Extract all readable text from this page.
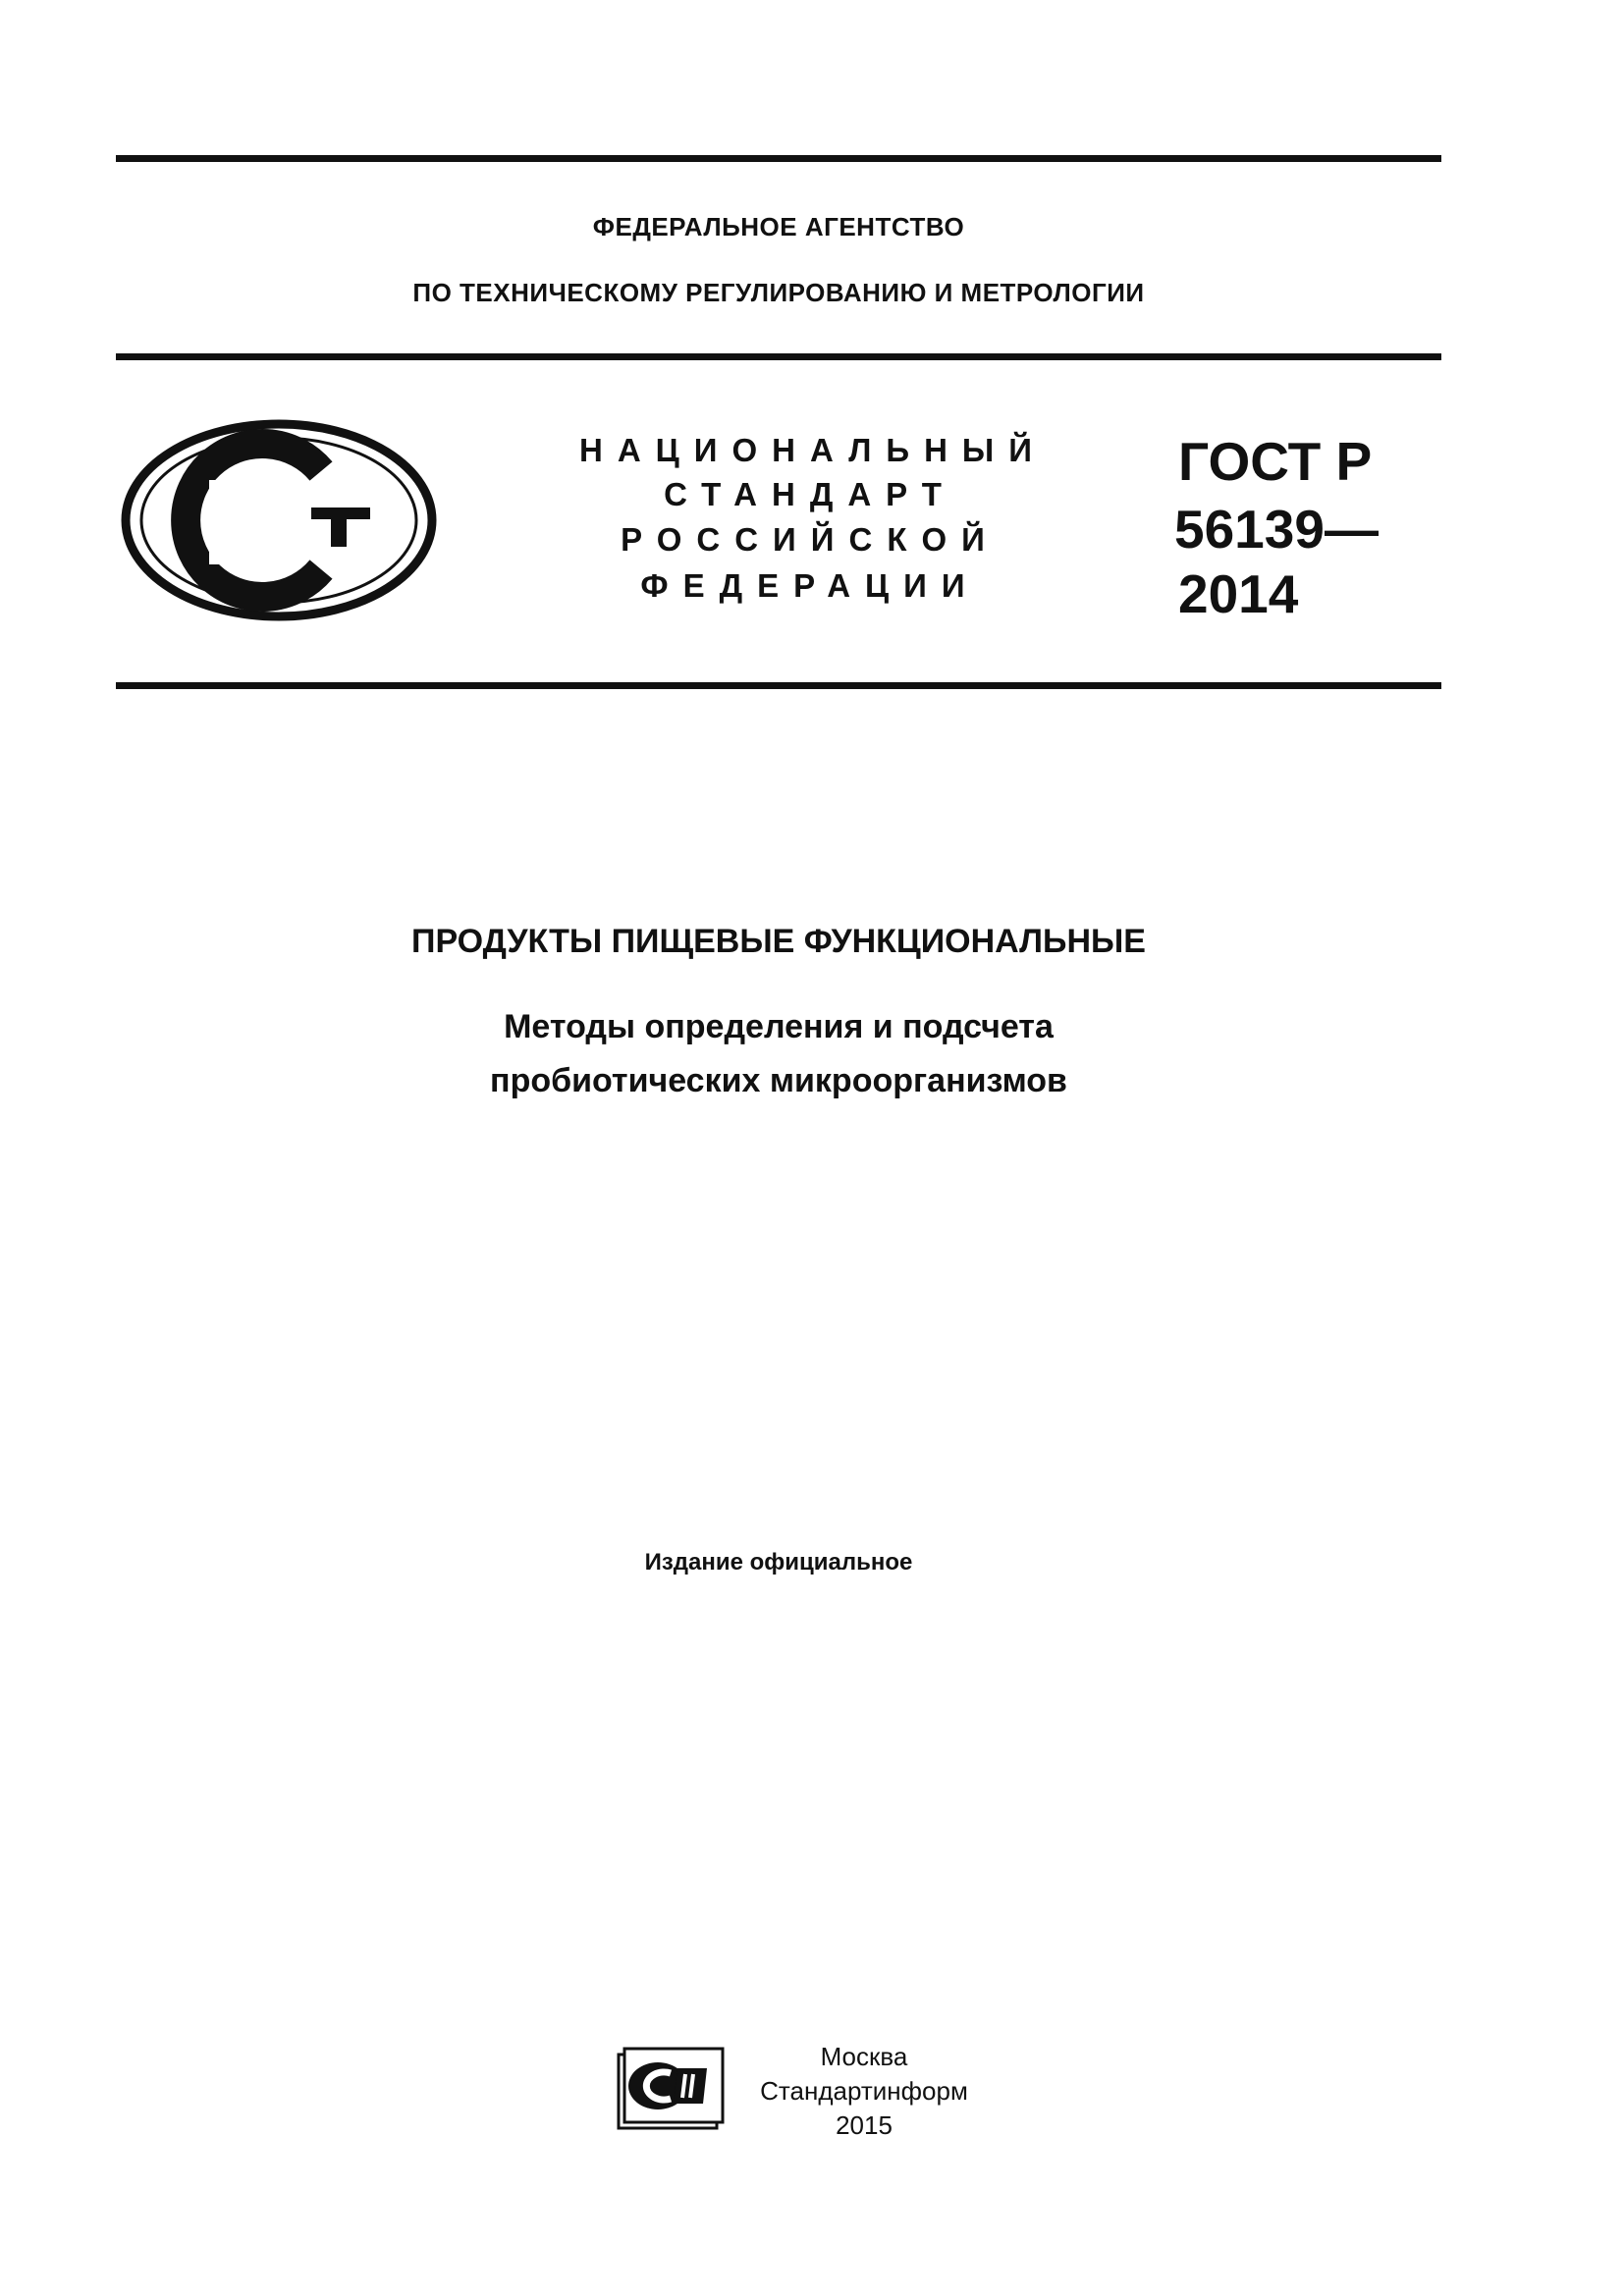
ФЕДЕРАЛЬНОЕ АГЕНТСТВО
ПО ТЕХНИЧЕСКОМУ РЕГУЛИРОВАНИЮ И МЕТРОЛОГИИ
НАЦИОНАЛЬНЫЙ
СТАНДАРТ
РОССИЙСКОЙ
ФЕДЕРАЦИИ
ГОСТ Р
56139—
2014
ПРОДУКТЫ ПИЩЕВЫЕ ФУНКЦИОНАЛЬНЫЕ
Методы определения и подсчета
пробиотических микроорганизмов
Издание официальное
Москва
Стандартинформ
2015
